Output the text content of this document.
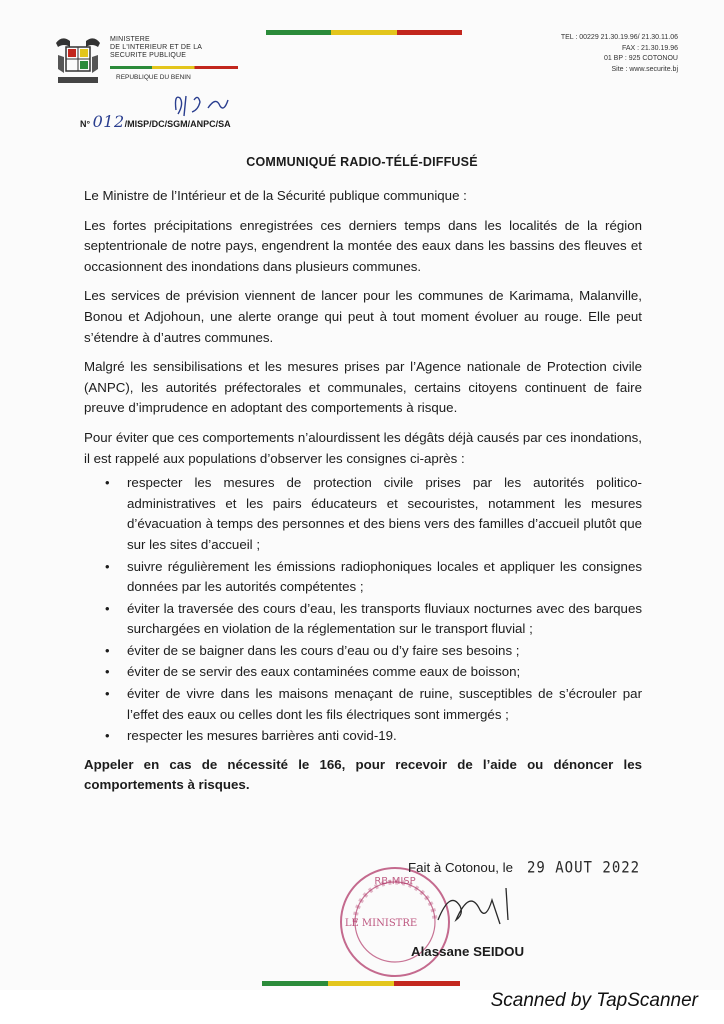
MINISTERE
DE L'INTERIEUR ET DE LA
SECURITE PUBLIQUE
REPUBLIQUE DU BENIN
TEL : 00229 21.30.19.96/ 21.30.11.06
FAX : 21.30.19.96
01 BP : 925 COTONOU
Site : www.securite.bj
N° 012/MISP/DC/SGM/ANPC/SA
COMMUNIQUÉ RADIO-TÉLÉ-DIFFUSÉ

Le Ministre de l’Intérieur et de la Sécurité publique communique :

Les fortes précipitations enregistrées ces derniers temps dans les localités de la région septentrionale de notre pays, engendrent la montée des eaux dans les bassins des fleuves et occasionnent des inondations dans plusieurs communes.

Les services de prévision viennent de lancer pour les communes de Karimama, Malanville, Bonou et Adjohoun, une alerte orange qui peut à tout moment évoluer au rouge. Elle peut s’étendre à d’autres communes.

Malgré les sensibilisations et les mesures prises par l’Agence nationale de Protection civile (ANPC), les autorités préfectorales et communales, certains citoyens continuent de faire preuve d’imprudence en adoptant des comportements à risque.

Pour éviter que ces comportements n’alourdissent les dégâts déjà causés par ces inondations, il est rappelé aux populations d’observer les consignes ci-après :

• respecter les mesures de protection civile prises par les autorités politico-administratives et les pairs éducateurs et secouristes, notamment les mesures d’évacuation à temps des personnes et des biens vers des familles d’accueil plutôt que sur les sites d’accueil ;
• suivre régulièrement les émissions radiophoniques locales et appliquer les consignes données par les autorités compétentes ;
• éviter la traversée des cours d’eau, les transports fluviaux nocturnes avec des barques surchargées en violation de la réglementation sur le transport fluvial ;
• éviter de se baigner dans les cours d’eau ou d’y faire ses besoins ;
• éviter de se servir des eaux contaminées comme eaux de boisson;
• éviter de vivre dans les maisons menaçant de ruine, susceptibles de s’écrouler par l’effet des eaux ou celles dont les fils électriques sont immergés ;
• respecter les mesures barrières anti covid-19.

Appeler en cas de nécessité le 166, pour recevoir de l’aide ou dénoncer les comportements à risques.

RB-MISP
LE MINISTRE
Fait à Cotonou, le 29 AOUT 2022
Alassane SEIDOU
Scanned by TapScanner
